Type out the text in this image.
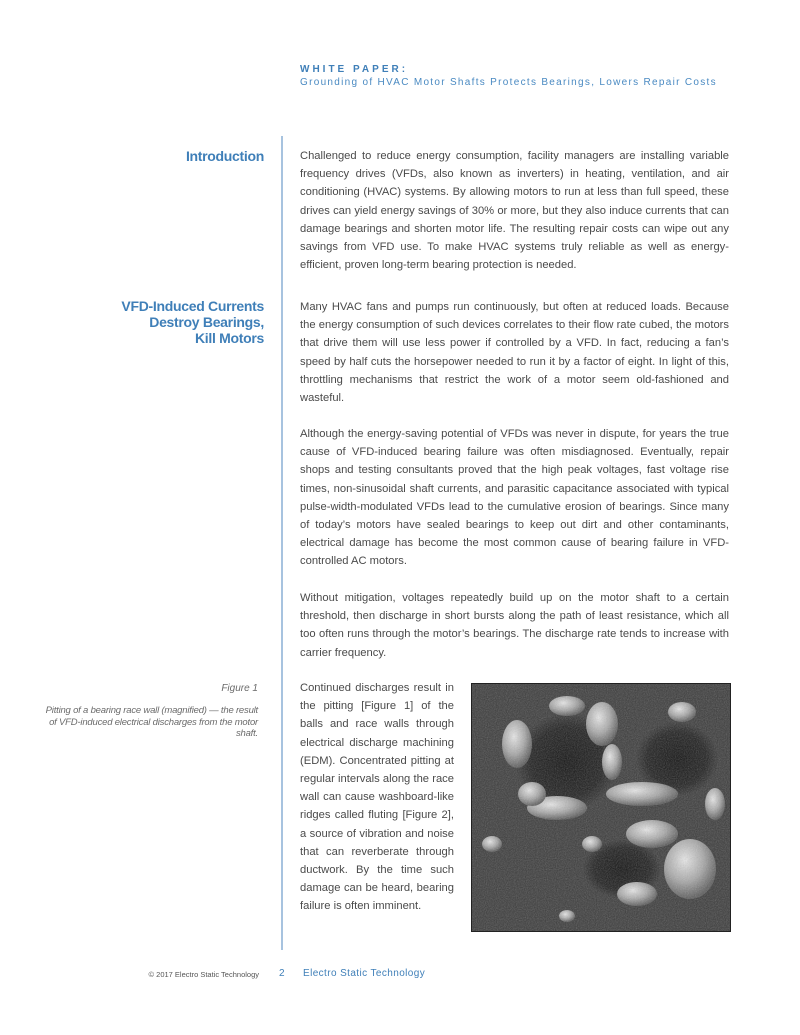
WHITE PAPER:
Grounding of HVAC Motor Shafts Protects Bearings, Lowers Repair Costs
Introduction	Challenged to reduce energy consumption, facility managers are installing variable frequency drives (VFDs, also known as inverters) in heating, ventilation, and air conditioning (HVAC) systems. By allowing motors to run at less than full speed, these drives can yield energy savings of 30% or more, but they also induce currents that can damage bearings and shorten motor life. The resulting repair costs can wipe out any savings from VFD use. To make HVAC systems truly reliable as well as energy-efficient, proven long-term bearing protection is needed.

VFD-Induced Currents
Destroy Bearings,
Kill Motors

Many HVAC fans and pumps run continuously, but often at reduced loads. Because the energy consumption of such devices correlates to their flow rate cubed, the motors that drive them will use less power if controlled by a VFD. In fact, reducing a fan’s speed by half cuts the horsepower needed to run it by a factor of eight. In light of this, throttling mechanisms that restrict the work of a motor seem old-fashioned and wasteful.

Although the energy-saving potential of VFDs was never in dispute, for years the true cause of VFD-induced bearing failure was often misdiagnosed. Eventually, repair shops and testing consultants proved that the high peak voltages, fast voltage rise times, non-sinusoidal shaft currents, and parasitic capacitance associated with typical pulse-width-modulated VFDs lead to the cumulative erosion of bearings. Since many of today’s motors have sealed bearings to keep out dirt and other contaminants, electrical damage has become the most common cause of bearing failure in VFD-controlled AC motors.

Without mitigation, voltages repeatedly build up on the motor shaft to a certain threshold, then discharge in short bursts along the path of least resistance, which all too often runs through the motor’s bearings. The discharge rate tends to increase with carrier frequency.

Continued discharges result in the pitting [Figure 1] of the balls and race walls through electrical discharge machining (EDM). Concentrated pitting at regular intervals along the race wall can cause washboard-like ridges called fluting [Figure 2], a source of vibration and noise that can reverberate through ductwork. By the time such damage can be heard, bearing failure is often imminent.

Figure 1
Pitting of a bearing race wall (magnified) — the result of VFD-induced electrical discharges from the motor shaft.
© 2017 Electro Static Technology 2 Electro Static Technology
